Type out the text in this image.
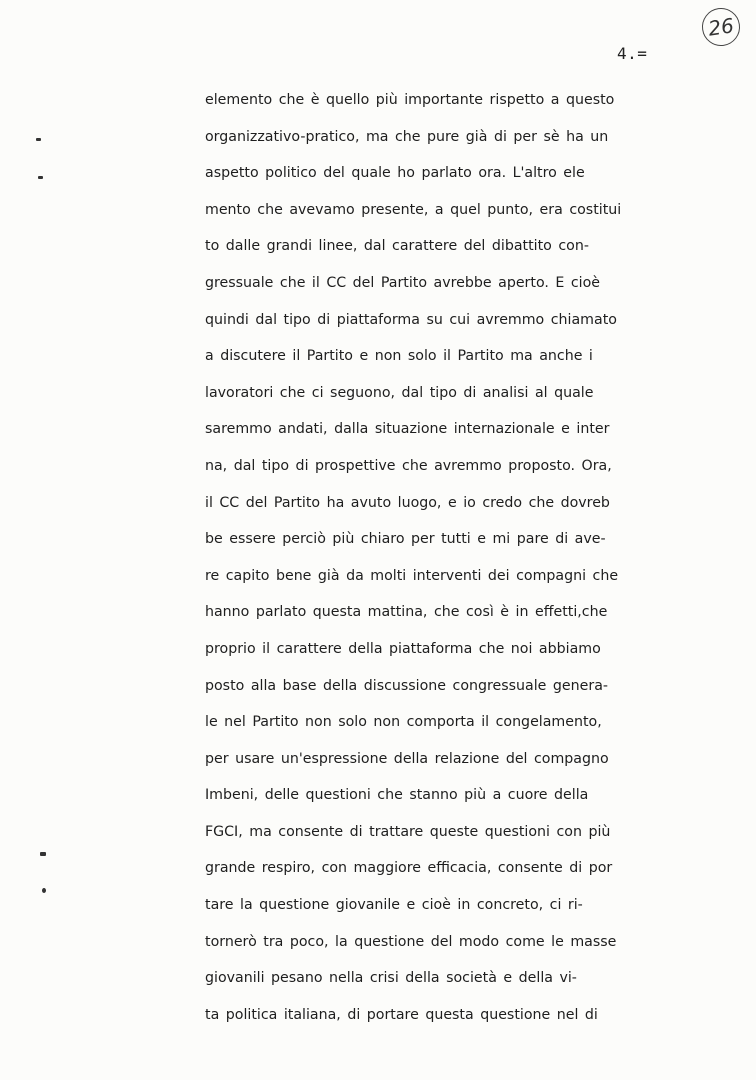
26
4.=
elemento che è quello più importante rispetto a questo
organizzativo-pratico, ma che pure già di per sè ha un
aspetto politico del quale ho parlato ora. L'altro ele
mento che avevamo presente, a quel punto, era costitui
to dalle grandi linee, dal carattere del dibattito con-
gressuale che il CC del Partito avrebbe aperto. E cioè
quindi dal tipo di piattaforma su cui avremmo chiamato
a discutere il Partito e non solo il Partito ma anche i
lavoratori che ci seguono, dal tipo di analisi al quale
saremmo andati, dalla situazione internazionale e inter
na, dal tipo di prospettive che avremmo proposto. Ora,
il CC del Partito ha avuto luogo, e io credo che dovreb
be essere perciò più chiaro per tutti e mi pare di ave-
re capito bene già da molti interventi dei compagni che
hanno parlato questa mattina, che così è in effetti,che
proprio il carattere della piattaforma che noi abbiamo
posto alla base della discussione congressuale genera-
le nel Partito non solo non comporta il congelamento,
per usare un'espressione della relazione del compagno
Imbeni, delle questioni che stanno più a cuore della
FGCI, ma consente di trattare queste questioni con più
grande respiro, con maggiore efficacia, consente di por
tare la questione giovanile e cioè in concreto, ci ri-
tornerò tra poco, la questione del modo come le masse
giovanili pesano nella crisi della società e della vi-
ta politica italiana, di portare questa questione nel di
